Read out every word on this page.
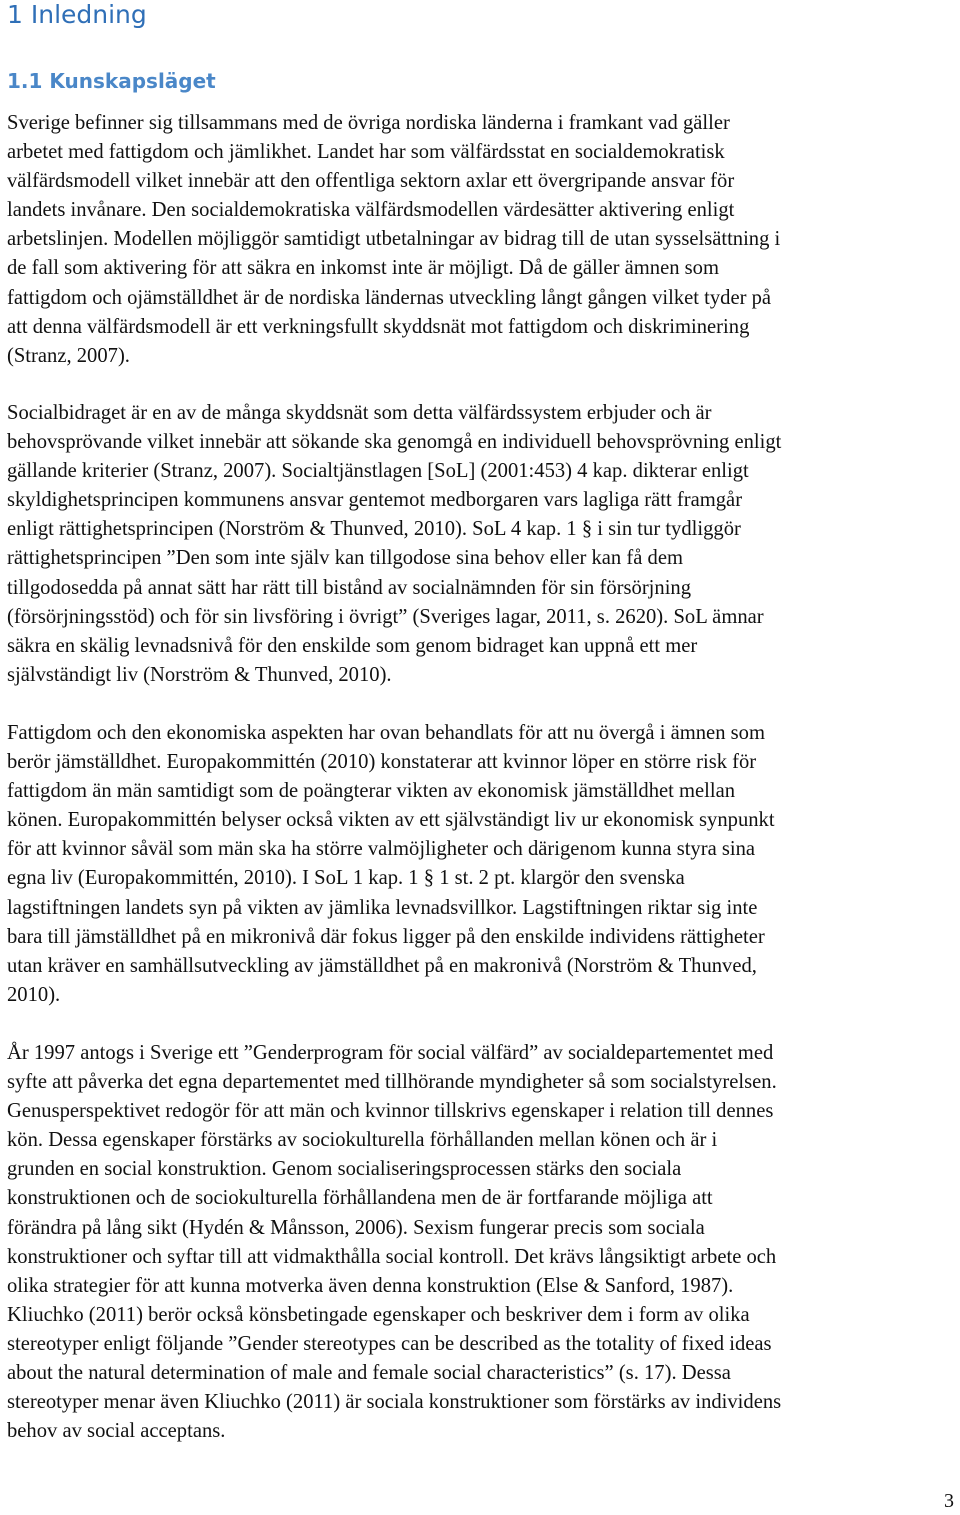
1 Inledning
1.1 Kunskapsläget
Sverige befinner sig tillsammans med de övriga nordiska länderna i framkant vad gäller
arbetet med fattigdom och jämlikhet. Landet har som välfärdsstat en socialdemokratisk
välfärdsmodell vilket innebär att den offentliga sektorn axlar ett övergripande ansvar för
landets invånare. Den socialdemokratiska välfärdsmodellen värdesätter aktivering enligt
arbetslinjen. Modellen möjliggör samtidigt utbetalningar av bidrag till de utan sysselsättning i
de fall som aktivering för att säkra en inkomst inte är möjligt. Då de gäller ämnen som
fattigdom och ojämställdhet är de nordiska ländernas utveckling långt gången vilket tyder på
att denna välfärdsmodell är ett verkningsfullt skyddsnät mot fattigdom och diskriminering
(Stranz, 2007).
Socialbidraget är en av de många skyddsnät som detta välfärdssystem erbjuder och är
behovsprövande vilket innebär att sökande ska genomgå en individuell behovsprövning enligt
gällande kriterier (Stranz, 2007). Socialtjänstlagen [SoL] (2001:453) 4 kap. dikterar enligt
skyldighetsprincipen kommunens ansvar gentemot medborgaren vars lagliga rätt framgår
enligt rättighetsprincipen (Norström & Thunved, 2010). SoL 4 kap. 1 § i sin tur tydliggör
rättighetsprincipen ”Den som inte själv kan tillgodose sina behov eller kan få dem
tillgodosedda på annat sätt har rätt till bistånd av socialnämnden för sin försörjning
(försörjningsstöd) och för sin livsföring i övrigt” (Sveriges lagar, 2011, s. 2620). SoL ämnar
säkra en skälig levnadsnivå för den enskilde som genom bidraget kan uppnå ett mer
självständigt liv (Norström & Thunved, 2010).
Fattigdom och den ekonomiska aspekten har ovan behandlats för att nu övergå i ämnen som
berör jämställdhet. Europakommittén (2010) konstaterar att kvinnor löper en större risk för
fattigdom än män samtidigt som de poängterar vikten av ekonomisk jämställdhet mellan
könen. Europakommittén belyser också vikten av ett självständigt liv ur ekonomisk synpunkt
för att kvinnor såväl som män ska ha större valmöjligheter och därigenom kunna styra sina
egna liv (Europakommittén, 2010). I SoL 1 kap. 1 § 1 st. 2 pt. klargör den svenska
lagstiftningen landets syn på vikten av jämlika levnadsvillkor. Lagstiftningen riktar sig inte
bara till jämställdhet på en mikronivå där fokus ligger på den enskilde individens rättigheter
utan kräver en samhällsutveckling av jämställdhet på en makronivå (Norström & Thunved,
2010).
År 1997 antogs i Sverige ett ”Genderprogram för social välfärd” av socialdepartementet med
syfte att påverka det egna departementet med tillhörande myndigheter så som socialstyrelsen.
Genusperspektivet redogör för att män och kvinnor tillskrivs egenskaper i relation till dennes
kön. Dessa egenskaper förstärks av sociokulturella förhållanden mellan könen och är i
grunden en social konstruktion. Genom socialiseringsprocessen stärks den sociala
konstruktionen och de sociokulturella förhållandena men de är fortfarande möjliga att
förändra på lång sikt (Hydén & Månsson, 2006). Sexism fungerar precis som sociala
konstruktioner och syftar till att vidmakthålla social kontroll. Det krävs långsiktigt arbete och
olika strategier för att kunna motverka även denna konstruktion (Else & Sanford, 1987).
Kliuchko (2011) berör också könsbetingade egenskaper och beskriver dem i form av olika
stereotyper enligt följande ”Gender stereotypes can be described as the totality of fixed ideas
about the natural determination of male and female social characteristics” (s. 17). Dessa
stereotyper menar även Kliuchko (2011) är sociala konstruktioner som förstärks av individens
behov av social acceptans.
3
